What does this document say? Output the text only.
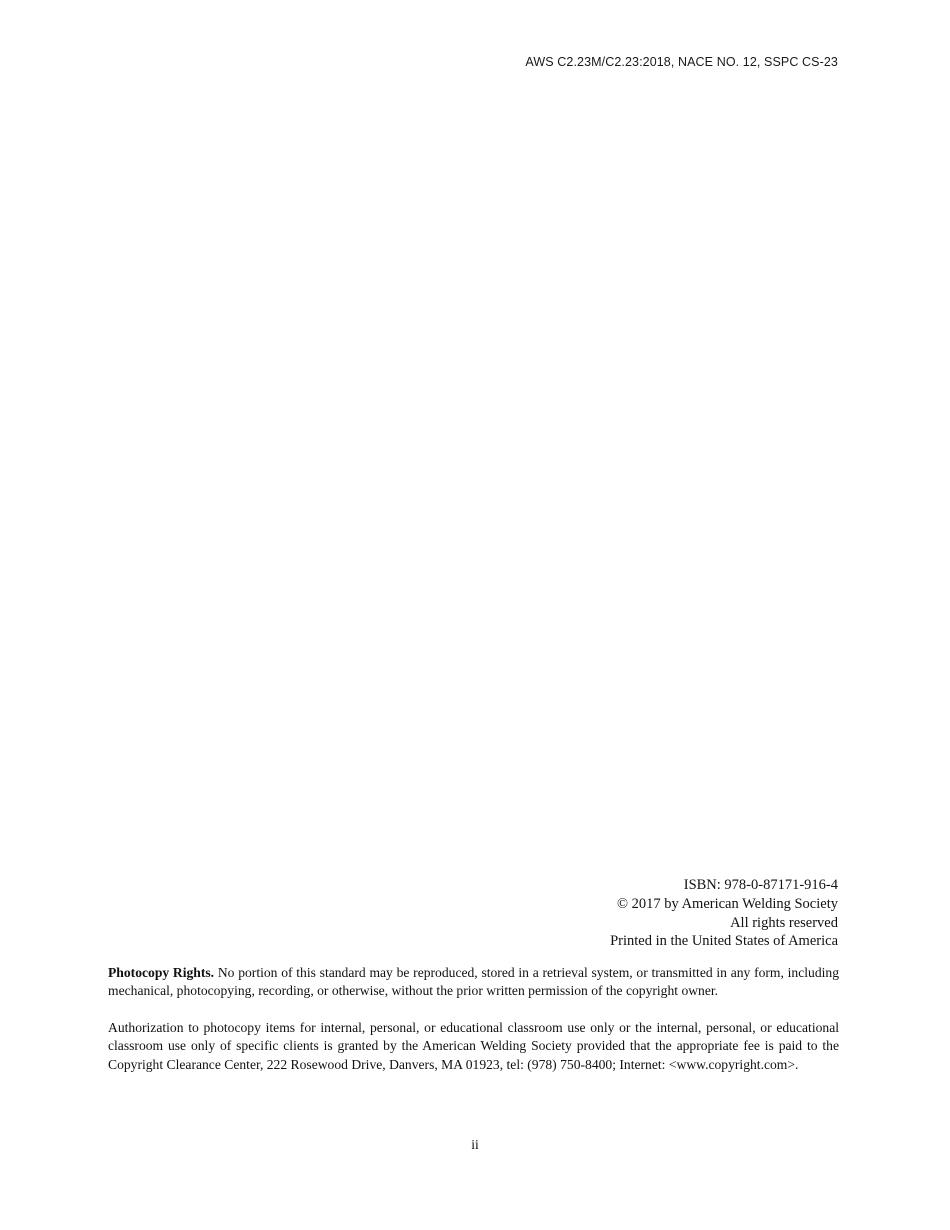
AWS C2.23M/C2.23:2018, NACE NO. 12, SSPC CS-23
ISBN: 978-0-87171-916-4
© 2017 by American Welding Society
All rights reserved
Printed in the United States of America

Photocopy Rights. No portion of this standard may be reproduced, stored in a retrieval system, or transmitted in any form, including mechanical, photocopying, recording, or otherwise, without the prior written permission of the copyright owner.

Authorization to photocopy items for internal, personal, or educational classroom use only or the internal, personal, or educational classroom use only of specific clients is granted by the American Welding Society provided that the appropriate fee is paid to the Copyright Clearance Center, 222 Rosewood Drive, Danvers, MA 01923, tel: (978) 750-8400; Internet: <www.copyright.com>.

ii
